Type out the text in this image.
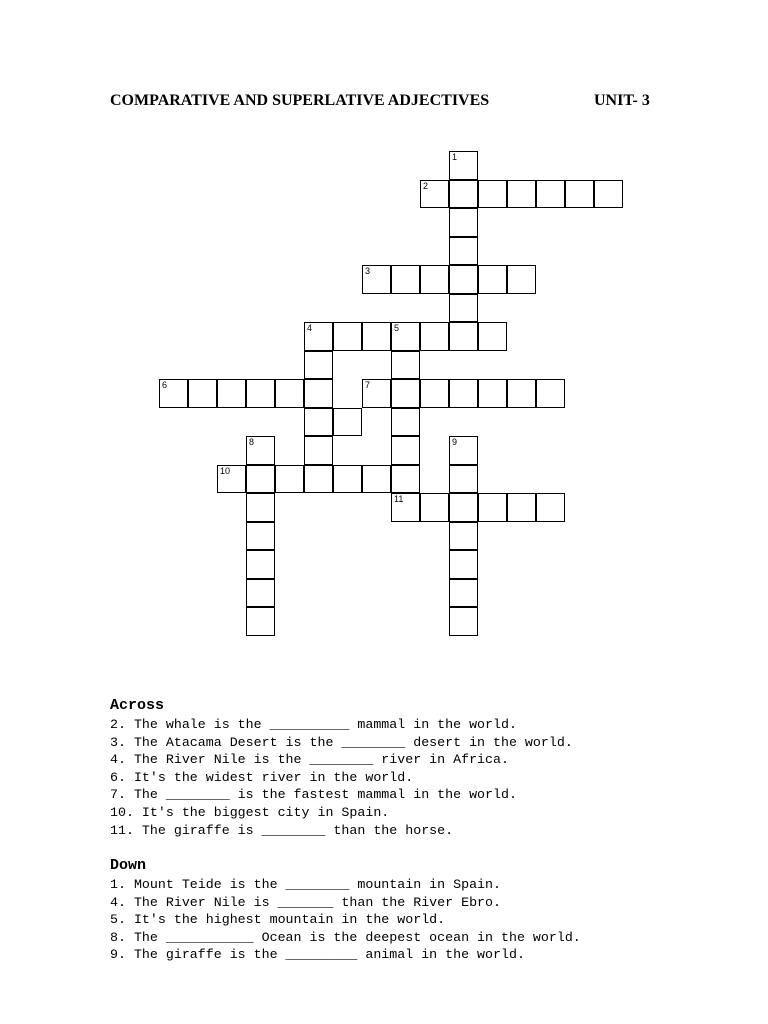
COMPARATIVE AND SUPERLATIVE ADJECTIVES	UNIT- 3
1
2
3
4	5
11
6	7
8	9
10
Across
2. The whale is the __________ mammal in the world.
3. The Atacama Desert is the ________ desert in the world.
4. The River Nile is the ________ river in Africa.
6. It's the widest river in the world.
7. The ________ is the fastest mammal in the world.
10. It's the biggest city in Spain.
11. The giraffe is ________ than the horse.
Down
1. Mount Teide is the ________ mountain in Spain.
4. The River Nile is _______ than the River Ebro.
5. It's the highest mountain in the world.
8. The ___________ Ocean is the deepest ocean in the world.
9. The giraffe is the _________ animal in the world.
